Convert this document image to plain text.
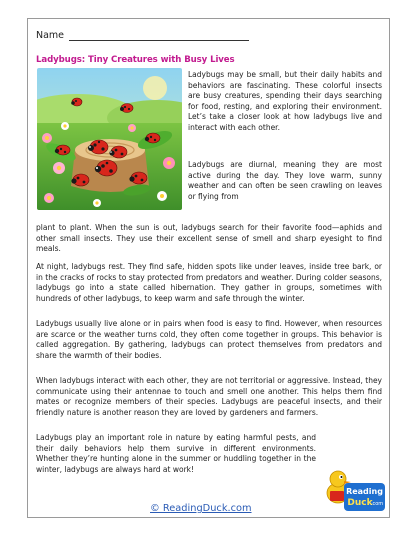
Name
Ladybugs: Tiny Creatures with Busy Lives
Ladybugs may be small, but their daily habits and behaviors are fascinating. These colorful insects are busy creatures, spending their days searching for food, resting, and exploring their environment. Let’s take a closer look at how ladybugs live and interact with each other.
Ladybugs are diurnal, meaning they are most active during the day. They love warm, sunny weather and can often be seen crawling on leaves or flying from
plant to plant. When the sun is out, ladybugs search for their favorite food—aphids and other small insects. They use their excellent sense of smell and sharp eyesight to find meals.
At night, ladybugs rest. They find safe, hidden spots like under leaves, inside tree bark, or in the cracks of rocks to stay protected from predators and weather. During colder seasons, ladybugs go into a state called hibernation. They gather in groups, sometimes with hundreds of other ladybugs, to keep warm and safe through the winter.
Ladybugs usually live alone or in pairs when food is easy to find. However, when resources are scarce or the weather turns cold, they often come together in groups. This behavior is called aggregation. By gathering, ladybugs can protect themselves from predators and share the warmth of their bodies.
When ladybugs interact with each other, they are not territorial or aggressive. Instead, they communicate using their antennae to touch and smell one another. This helps them find mates or recognize members of their species. Ladybugs are peaceful insects, and their friendly nature is another reason they are loved by gardeners and farmers.
Ladybugs play an important role in nature by eating harmful pests, and their daily behaviors help them survive in different environments. Whether they’re hunting alone in the summer or huddling together in the winter, ladybugs are always hard at work!
© ReadingDuck.com
Reading
Duck
.com
